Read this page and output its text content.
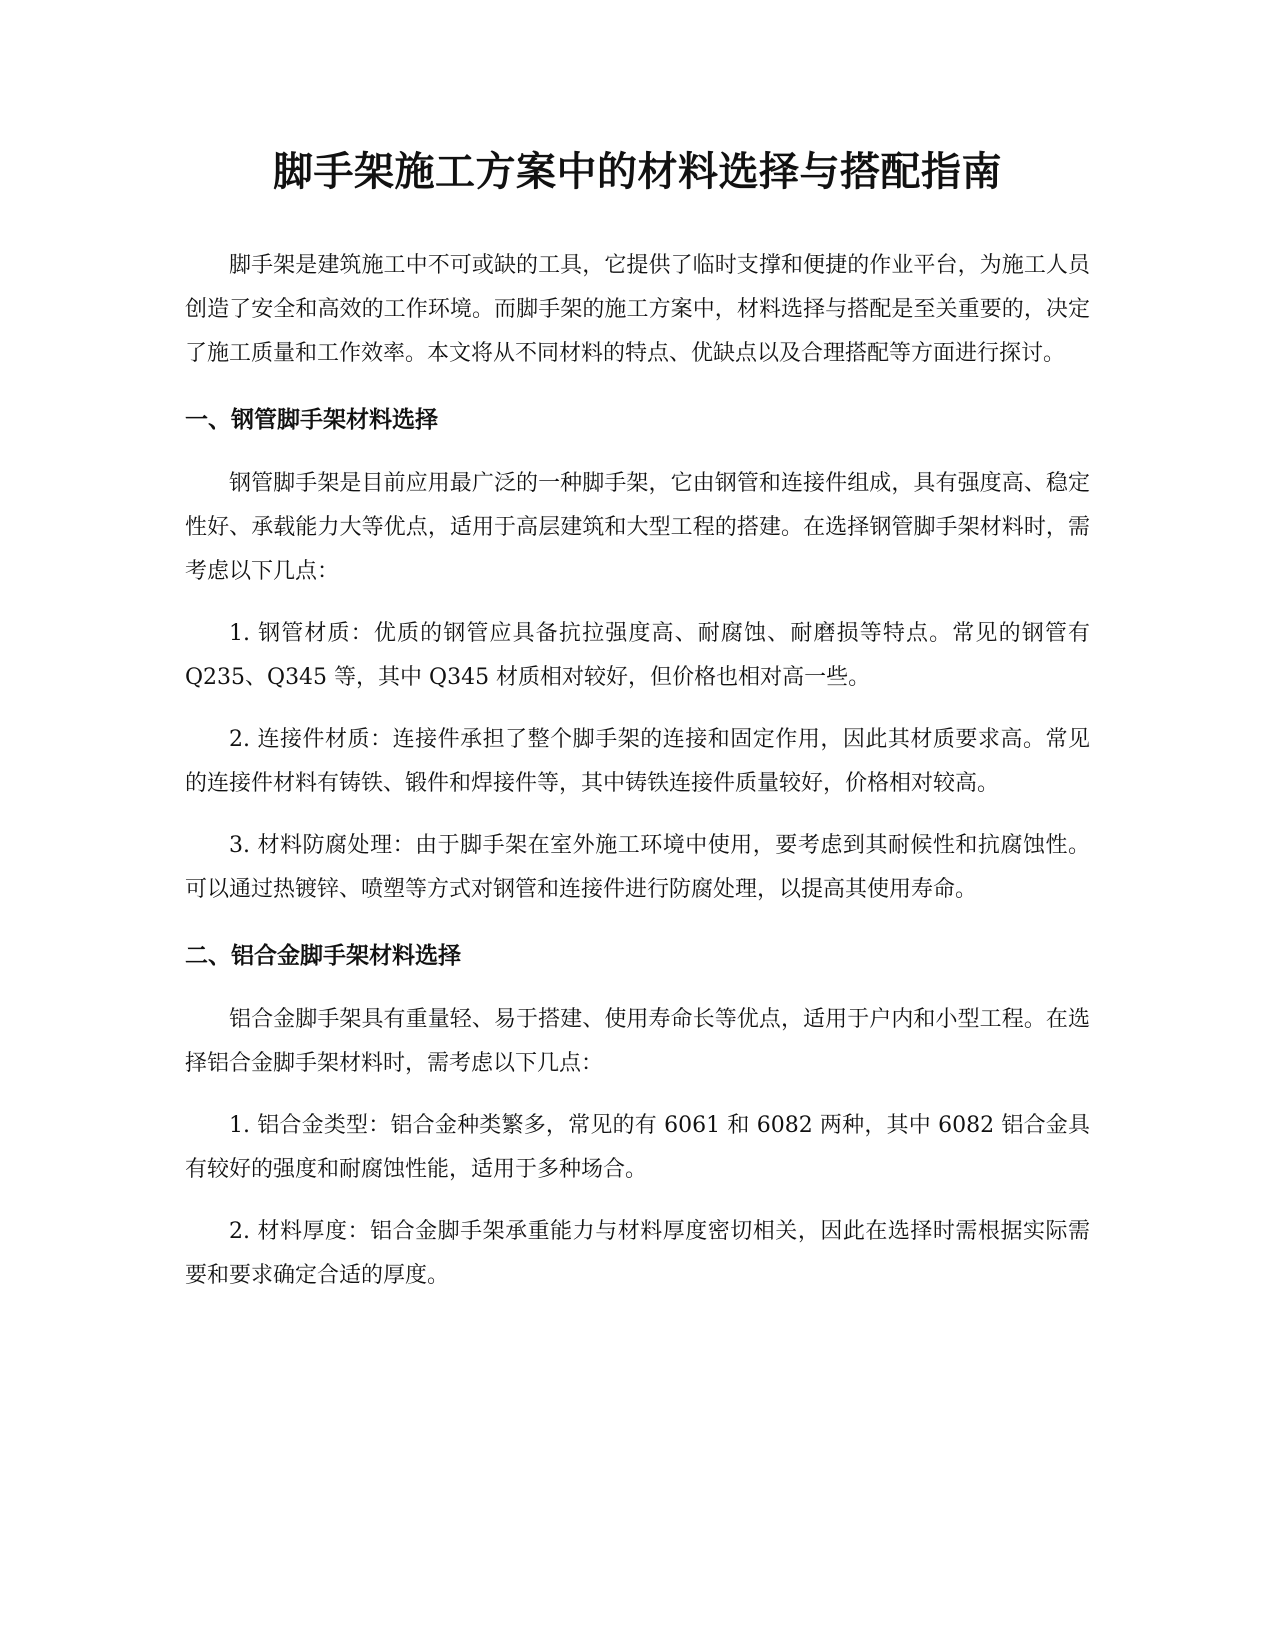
脚手架施工方案中的材料选择与搭配指南

脚手架是建筑施工中不可或缺的工具，它提供了临时支撑和便捷的作业平台，为施工人员创造了安全和高效的工作环境。而脚手架的施工方案中，材料选择与搭配是至关重要的，决定了施工质量和工作效率。本文将从不同材料的特点、优缺点以及合理搭配等方面进行探讨。

一、钢管脚手架材料选择

钢管脚手架是目前应用最广泛的一种脚手架，它由钢管和连接件组成，具有强度高、稳定性好、承载能力大等优点，适用于高层建筑和大型工程的搭建。在选择钢管脚手架材料时，需考虑以下几点：

1. 钢管材质：优质的钢管应具备抗拉强度高、耐腐蚀、耐磨损等特点。常见的钢管有 Q235、Q345 等，其中 Q345 材质相对较好，但价格也相对高一些。

2. 连接件材质：连接件承担了整个脚手架的连接和固定作用，因此其材质要求高。常见的连接件材料有铸铁、锻件和焊接件等，其中铸铁连接件质量较好，价格相对较高。

3. 材料防腐处理：由于脚手架在室外施工环境中使用，要考虑到其耐候性和抗腐蚀性。可以通过热镀锌、喷塑等方式对钢管和连接件进行防腐处理，以提高其使用寿命。

二、铝合金脚手架材料选择

铝合金脚手架具有重量轻、易于搭建、使用寿命长等优点，适用于户内和小型工程。在选择铝合金脚手架材料时，需考虑以下几点：

1. 铝合金类型：铝合金种类繁多，常见的有 6061 和 6082 两种，其中 6082 铝合金具有较好的强度和耐腐蚀性能，适用于多种场合。

2. 材料厚度：铝合金脚手架承重能力与材料厚度密切相关，因此在选择时需根据实际需要和要求确定合适的厚度。
